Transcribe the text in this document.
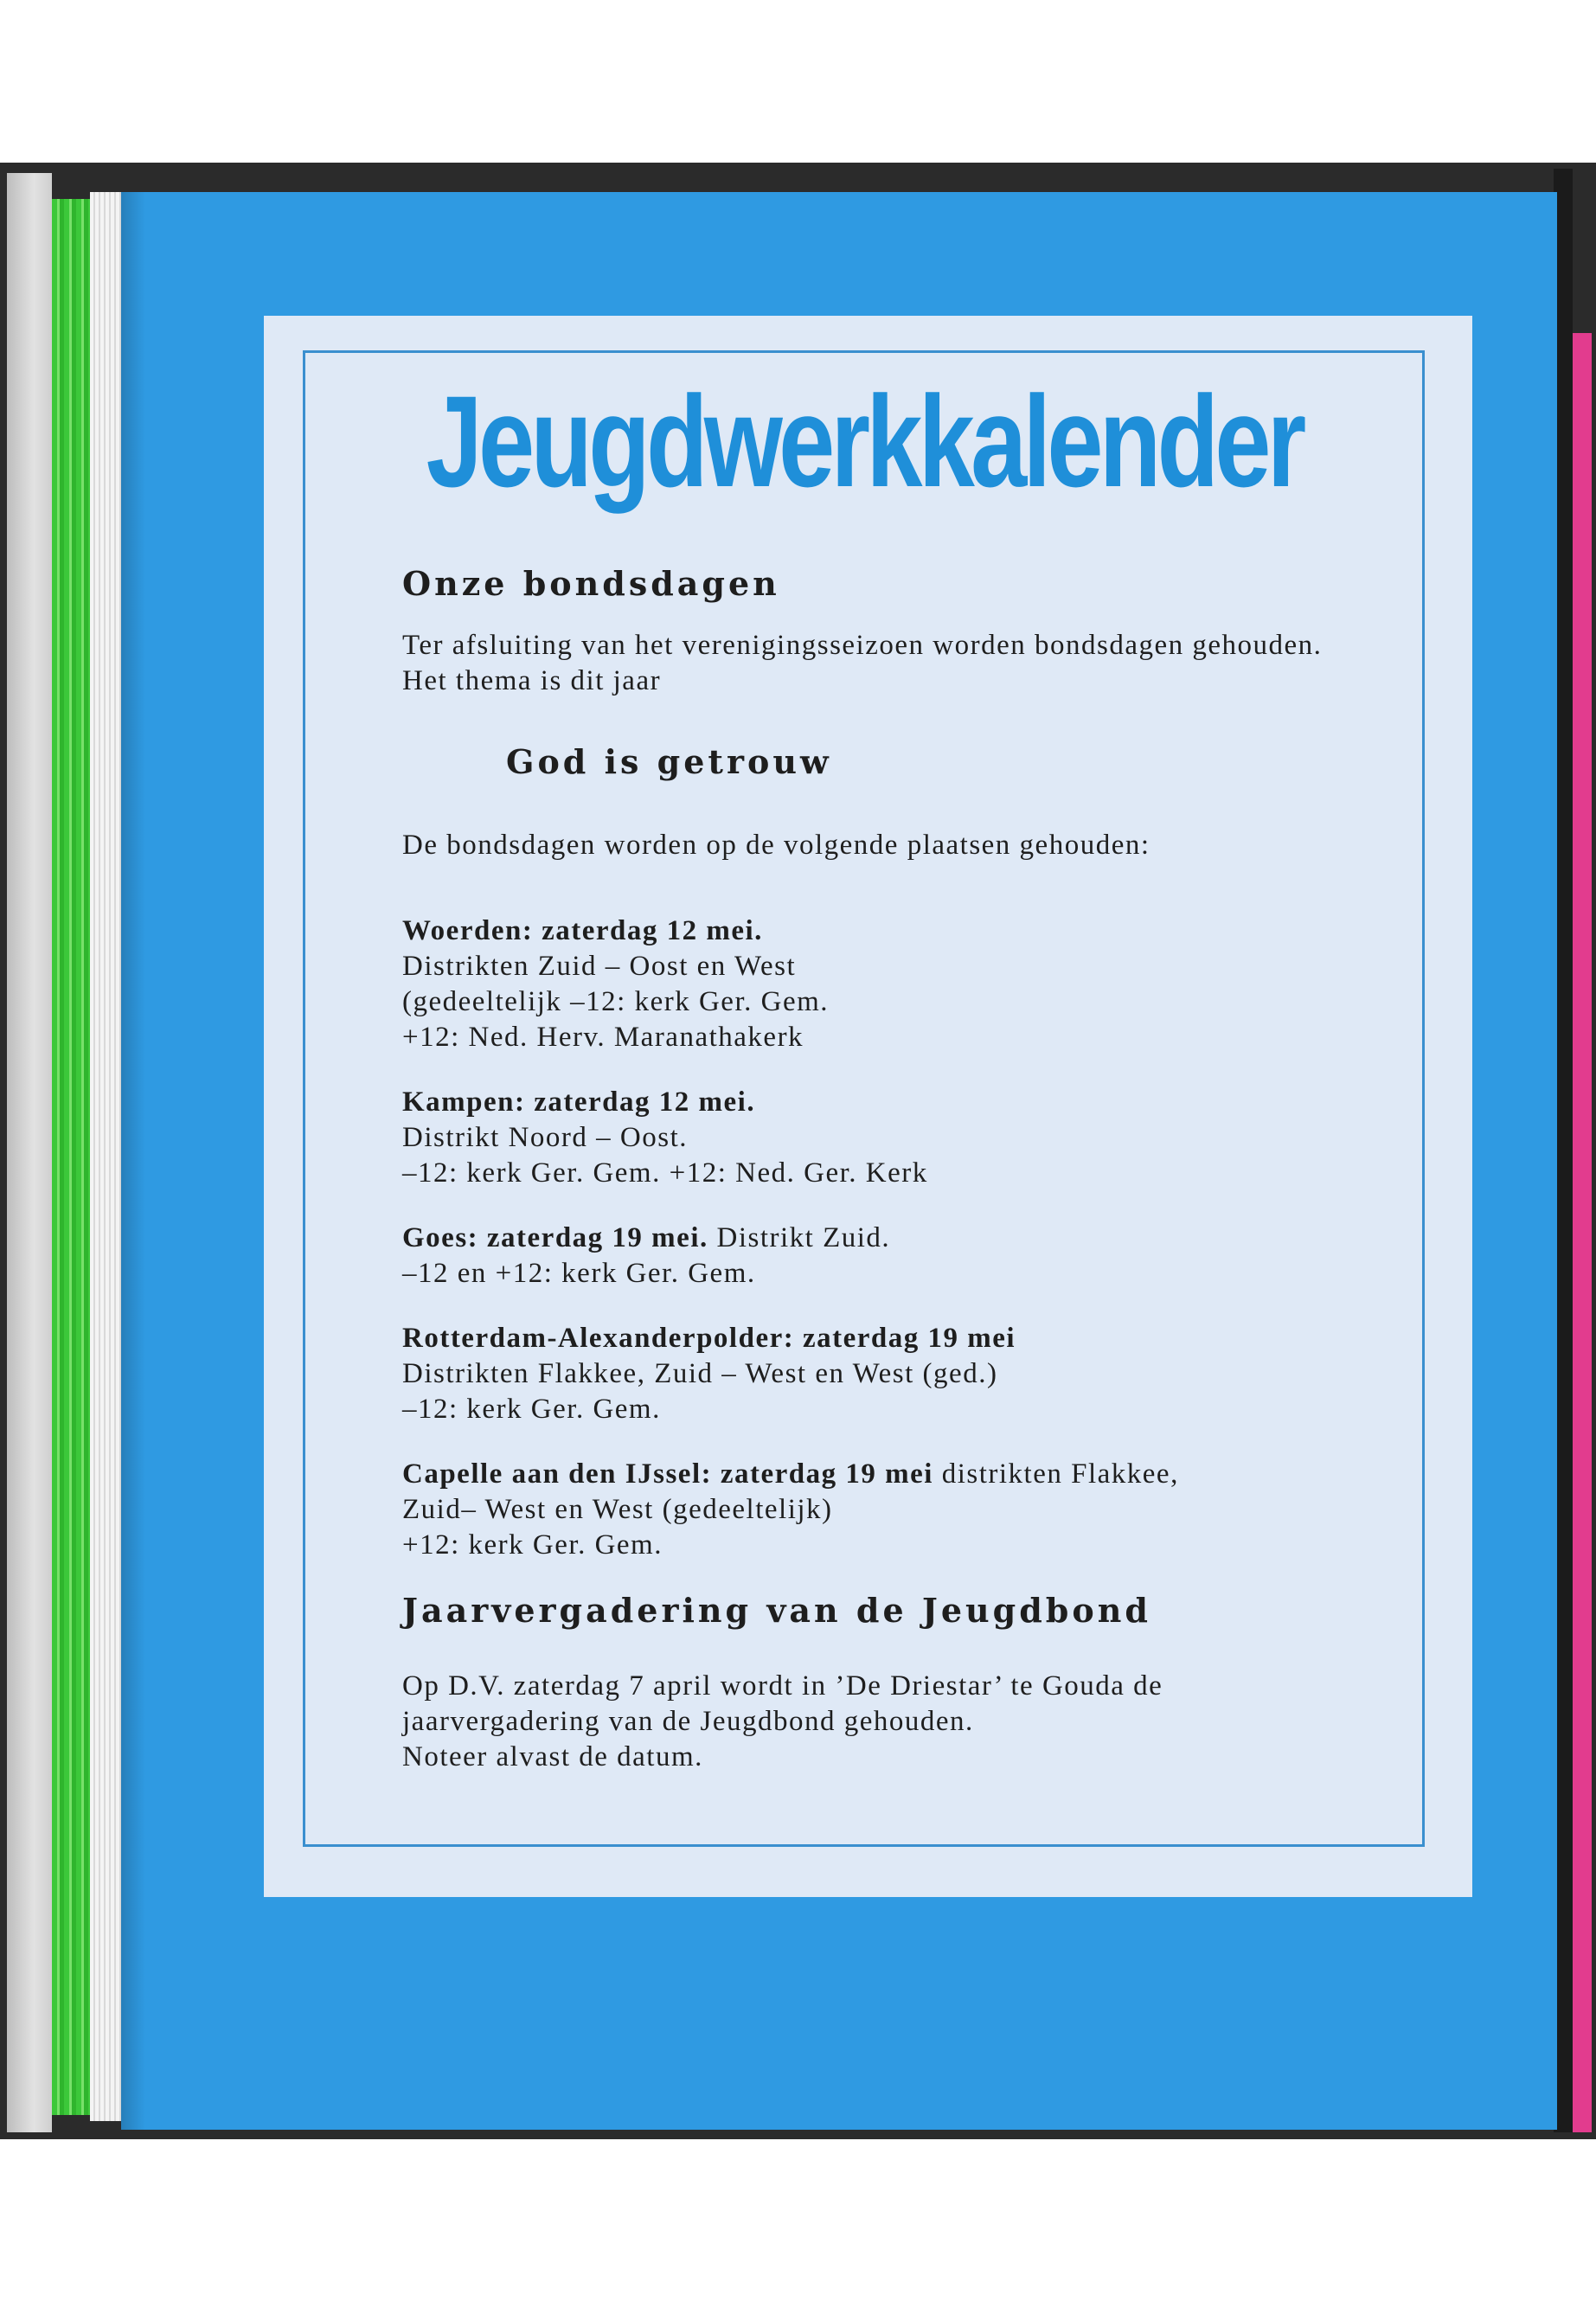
Jeugdwerkkalender

Onze bondsdagen

Ter afsluiting van het verenigingsseizoen worden bondsdagen gehouden.

Het thema is dit jaar

God is getrouw

De bondsdagen worden op de volgende plaatsen gehouden:

Woerden: zaterdag 12 mei.

Distrikten Zuid – Oost en West

(gedeeltelijk –12: kerk Ger. Gem.

+12: Ned. Herv. Maranathakerk

Kampen: zaterdag 12 mei.

Distrikt Noord – Oost.

–12: kerk Ger. Gem. +12: Ned. Ger. Kerk

Goes: zaterdag 19 mei. Distrikt Zuid.

–12 en +12: kerk Ger. Gem.

Rotterdam-Alexanderpolder: zaterdag 19 mei

Distrikten Flakkee, Zuid – West en West (ged.)

–12: kerk Ger. Gem.

Capelle aan den IJssel: zaterdag 19 mei distrikten Flakkee,

Zuid– West en West (gedeeltelijk)

+12: kerk Ger. Gem.

Jaarvergadering van de Jeugdbond

Op D.V. zaterdag 7 april wordt in ’De Driestar’ te Gouda de jaarvergadering van de Jeugdbond gehouden.

Noteer alvast de datum.
